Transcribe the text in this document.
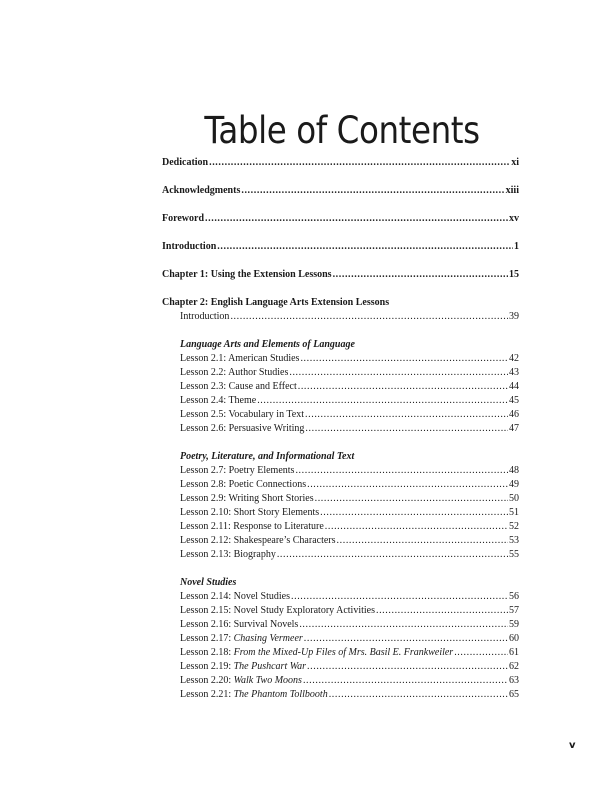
Table of Contents
Dedication .....	xi
Acknowledgments .....	xiii
Foreword .....	xv
Introduction .....	1
Chapter 1: Using the Extension Lessons .....	15
Chapter 2: English Language Arts Extension Lessons
Introduction .....	39
Language Arts and Elements of Language
Lesson 2.1: American Studies .....	42
Lesson 2.2: Author Studies .....	43
Lesson 2.3: Cause and Effect .....	44
Lesson 2.4: Theme .....	45
Lesson 2.5: Vocabulary in Text .....	46
Lesson 2.6: Persuasive Writing .....	47
Poetry, Literature, and Informational Text
Lesson 2.7: Poetry Elements .....	48
Lesson 2.8: Poetic Connections .....	49
Lesson 2.9: Writing Short Stories .....	50
Lesson 2.10: Short Story Elements .....	51
Lesson 2.11: Response to Literature .....	52
Lesson 2.12: Shakespeare’s Characters .....	53
Lesson 2.13: Biography .....	55
Novel Studies
Lesson 2.14: Novel Studies .....	56
Lesson 2.15: Novel Study Exploratory Activities .....	57
Lesson 2.16: Survival Novels .....	59
Lesson 2.17: Chasing Vermeer .....	60
Lesson 2.18: From the Mixed-Up Files of Mrs. Basil E. Frankweiler .....	61
Lesson 2.19: The Pushcart War .....	62
Lesson 2.20: Walk Two Moons .....	63
Lesson 2.21: The Phantom Tollbooth .....	65
v
